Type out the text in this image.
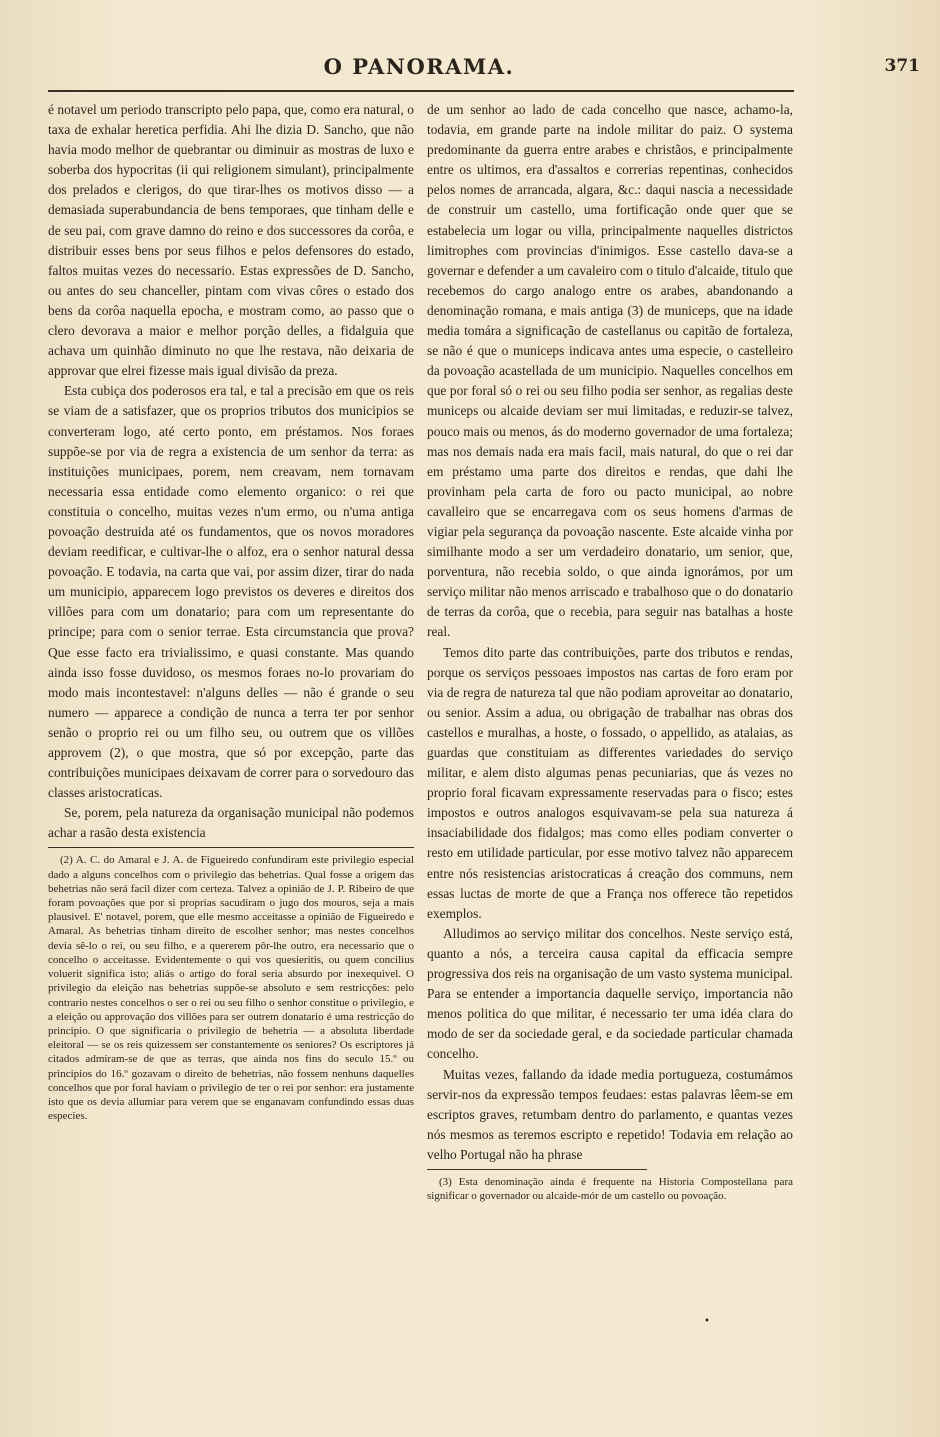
O PANORAMA.	371

é notavel um periodo transcripto pelo papa, que, como era natural, o taxa de exhalar heretica perfidia. Ahi lhe dizia D. Sancho, que não havia modo melhor de quebrantar ou diminuir as mostras de luxo e soberba dos hypocritas (ii qui religionem simulant), principalmente dos prelados e clerigos, do que tirar-lhes os motivos disso — a demasiada superabundancia de bens temporaes, que tinham delle e de seu pai, com grave damno do reino e dos successores da corôa, e distribuir esses bens por seus filhos e pelos defensores do estado, faltos muitas vezes do necessario. Estas expressões de D. Sancho, ou antes do seu chanceller, pintam com vivas côres o estado dos bens da corôa naquella epocha, e mostram como, ao passo que o clero devorava a maior e melhor porção delles, a fidalguia que achava um quinhão diminuto no que lhe restava, não deixaria de approvar que elrei fizesse mais igual divisão da preza.

Esta cubiça dos poderosos era tal, e tal a precisão em que os reis se viam de a satisfazer, que os proprios tributos dos municipios se converteram logo, até certo ponto, em préstamos. Nos foraes suppõe-se por via de regra a existencia de um senhor da terra: as instituições municipaes, porem, nem creavam, nem tornavam necessaria essa entidade como elemento organico: o rei que constituia o concelho, muitas vezes n'um ermo, ou n'uma antiga povoação destruida até os fundamentos, que os novos moradores deviam reedificar, e cultivar-lhe o alfoz, era o senhor natural dessa povoação. E todavia, na carta que vai, por assim dizer, tirar do nada um municipio, apparecem logo previstos os deveres e direitos dos villões para com um donatario; para com um representante do principe; para com o senior terrae. Esta circumstancia que prova? Que esse facto era trivialissimo, e quasi constante. Mas quando ainda isso fosse duvidoso, os mesmos foraes no-lo provariam do modo mais incontestavel: n'alguns delles — não é grande o seu numero — apparece a condição de nunca a terra ter por senhor senão o proprio rei ou um filho seu, ou outrem que os villões approvem (2), o que mostra, que só por excepção, parte das contribuições municipaes deixavam de correr para o sorvedouro das classes aristocraticas.

Se, porem, pela natureza da organisação municipal não podemos achar a rasão desta existencia

(2) A. C. do Amaral e J. A. de Figueiredo confundiram este privilegio especial dado a alguns concelhos com o privilegio das behetrias. Qual fosse a origem das behetrias não será facil dizer com certeza. Talvez a opinião de J. P. Ribeiro de que foram povoações que por si proprias sacudiram o jugo dos mouros, seja a mais plausivel. E' notavel, porem, que elle mesmo acceitasse a opinião de Figueiredo e Amaral. As behetrias tinham direito de escolher senhor; mas nestes concelhos devia sê-lo o rei, ou seu filho, e a quererem pôr-lhe outro, era necessario que o concelho o acceitasse. Evidentemente o qui vos quesieritis, ou quem concilius voluerit significa isto; aliás o artigo do foral seria absurdo por inexequivel. O privilegio da eleição nas behetrias suppõe-se absoluto e sem restricções: pelo contrario nestes concelhos o ser o rei ou seu filho o senhor constitue o privilegio, e a eleição ou approvação dos villões para ser outrem donatario é uma restricção do principio. O que significaria o privilegio de behetria — a absoluta liberdade eleitoral — se os reis quizessem ser constantemente os seniores? Os escriptores já citados admiram-se de que as terras, que ainda nos fins do seculo 15.º ou principios do 16.º gozavam o direito de behetrias, não fossem nenhuns daquelles concelhos que por foral haviam o privilegio de ter o rei por senhor: era justamente isto que os devia allumiar para verem que se enganavam confundindo essas duas especies.

de um senhor ao lado de cada concelho que nasce, achamo-la, todavia, em grande parte na indole militar do paiz. O systema predominante da guerra entre arabes e christãos, e principalmente entre os ultimos, era d'assaltos e correrias repentinas, conhecidos pelos nomes de arrancada, algara, &c.: daqui nascia a necessidade de construir um castello, uma fortificação onde quer que se estabelecia um logar ou villa, principalmente naquelles districtos limitrophes com provincias d'inimigos. Esse castello dava-se a governar e defender a um cavaleiro com o titulo d'alcaide, titulo que recebemos do cargo analogo entre os arabes, abandonando a denominação romana, e mais antiga (3) de municeps, que na idade media tomára a significação de castellanus ou capitão de fortaleza, se não é que o municeps indicava antes uma especie, o castelleiro da povoação acastellada de um municipio. Naquelles concelhos em que por foral só o rei ou seu filho podia ser senhor, as regalias deste municeps ou alcaide deviam ser mui limitadas, e reduzir-se talvez, pouco mais ou menos, ás do moderno governador de uma fortaleza; mas nos demais nada era mais facil, mais natural, do que o rei dar em préstamo uma parte dos direitos e rendas, que dahi lhe provinham pela carta de foro ou pacto municipal, ao nobre cavalleiro que se encarregava com os seus homens d'armas de vigiar pela segurança da povoação nascente. Este alcaide vinha por similhante modo a ser um verdadeiro donatario, um senior, que, porventura, não recebia soldo, o que ainda ignorámos, por um serviço militar não menos arriscado e trabalhoso que o do donatario de terras da corôa, que o recebia, para seguir nas batalhas a hoste real.

Temos dito parte das contribuições, parte dos tributos e rendas, porque os serviços pessoaes impostos nas cartas de foro eram por via de regra de natureza tal que não podiam aproveitar ao donatario, ou senior. Assim a adua, ou obrigação de trabalhar nas obras dos castellos e muralhas, a hoste, o fossado, o appellido, as atalaias, as guardas que constituiam as differentes variedades do serviço militar, e alem disto algumas penas pecuniarias, que ás vezes no proprio foral ficavam expressamente reservadas para o fisco; estes impostos e outros analogos esquivavam-se pela sua natureza á insaciabilidade dos fidalgos; mas como elles podiam converter o resto em utilidade particular, por esse motivo talvez não apparecem entre nós resistencias aristocraticas á creação dos communs, nem essas luctas de morte de que a França nos offerece tão repetidos exemplos.

Alludimos ao serviço militar dos concelhos. Neste serviço está, quanto a nós, a terceira causa capital da efficacia sempre progressiva dos reis na organisação de um vasto systema municipal. Para se entender a importancia daquelle serviço, importancia não menos politica do que militar, é necessario ter uma idéa clara do modo de ser da sociedade geral, e da sociedade particular chamada concelho.

Muitas vezes, fallando da idade media portugueza, costumámos servir-nos da expressão tempos feudaes: estas palavras lêem-se em escriptos graves, retumbam dentro do parlamento, e quantas vezes nós mesmos as teremos escripto e repetido! Todavia em relação ao velho Portugal não ha phrase

(3) Esta denominação ainda é frequente na Historia Compostellana para significar o governador ou alcaide-mór de um castello ou povoação.

•
